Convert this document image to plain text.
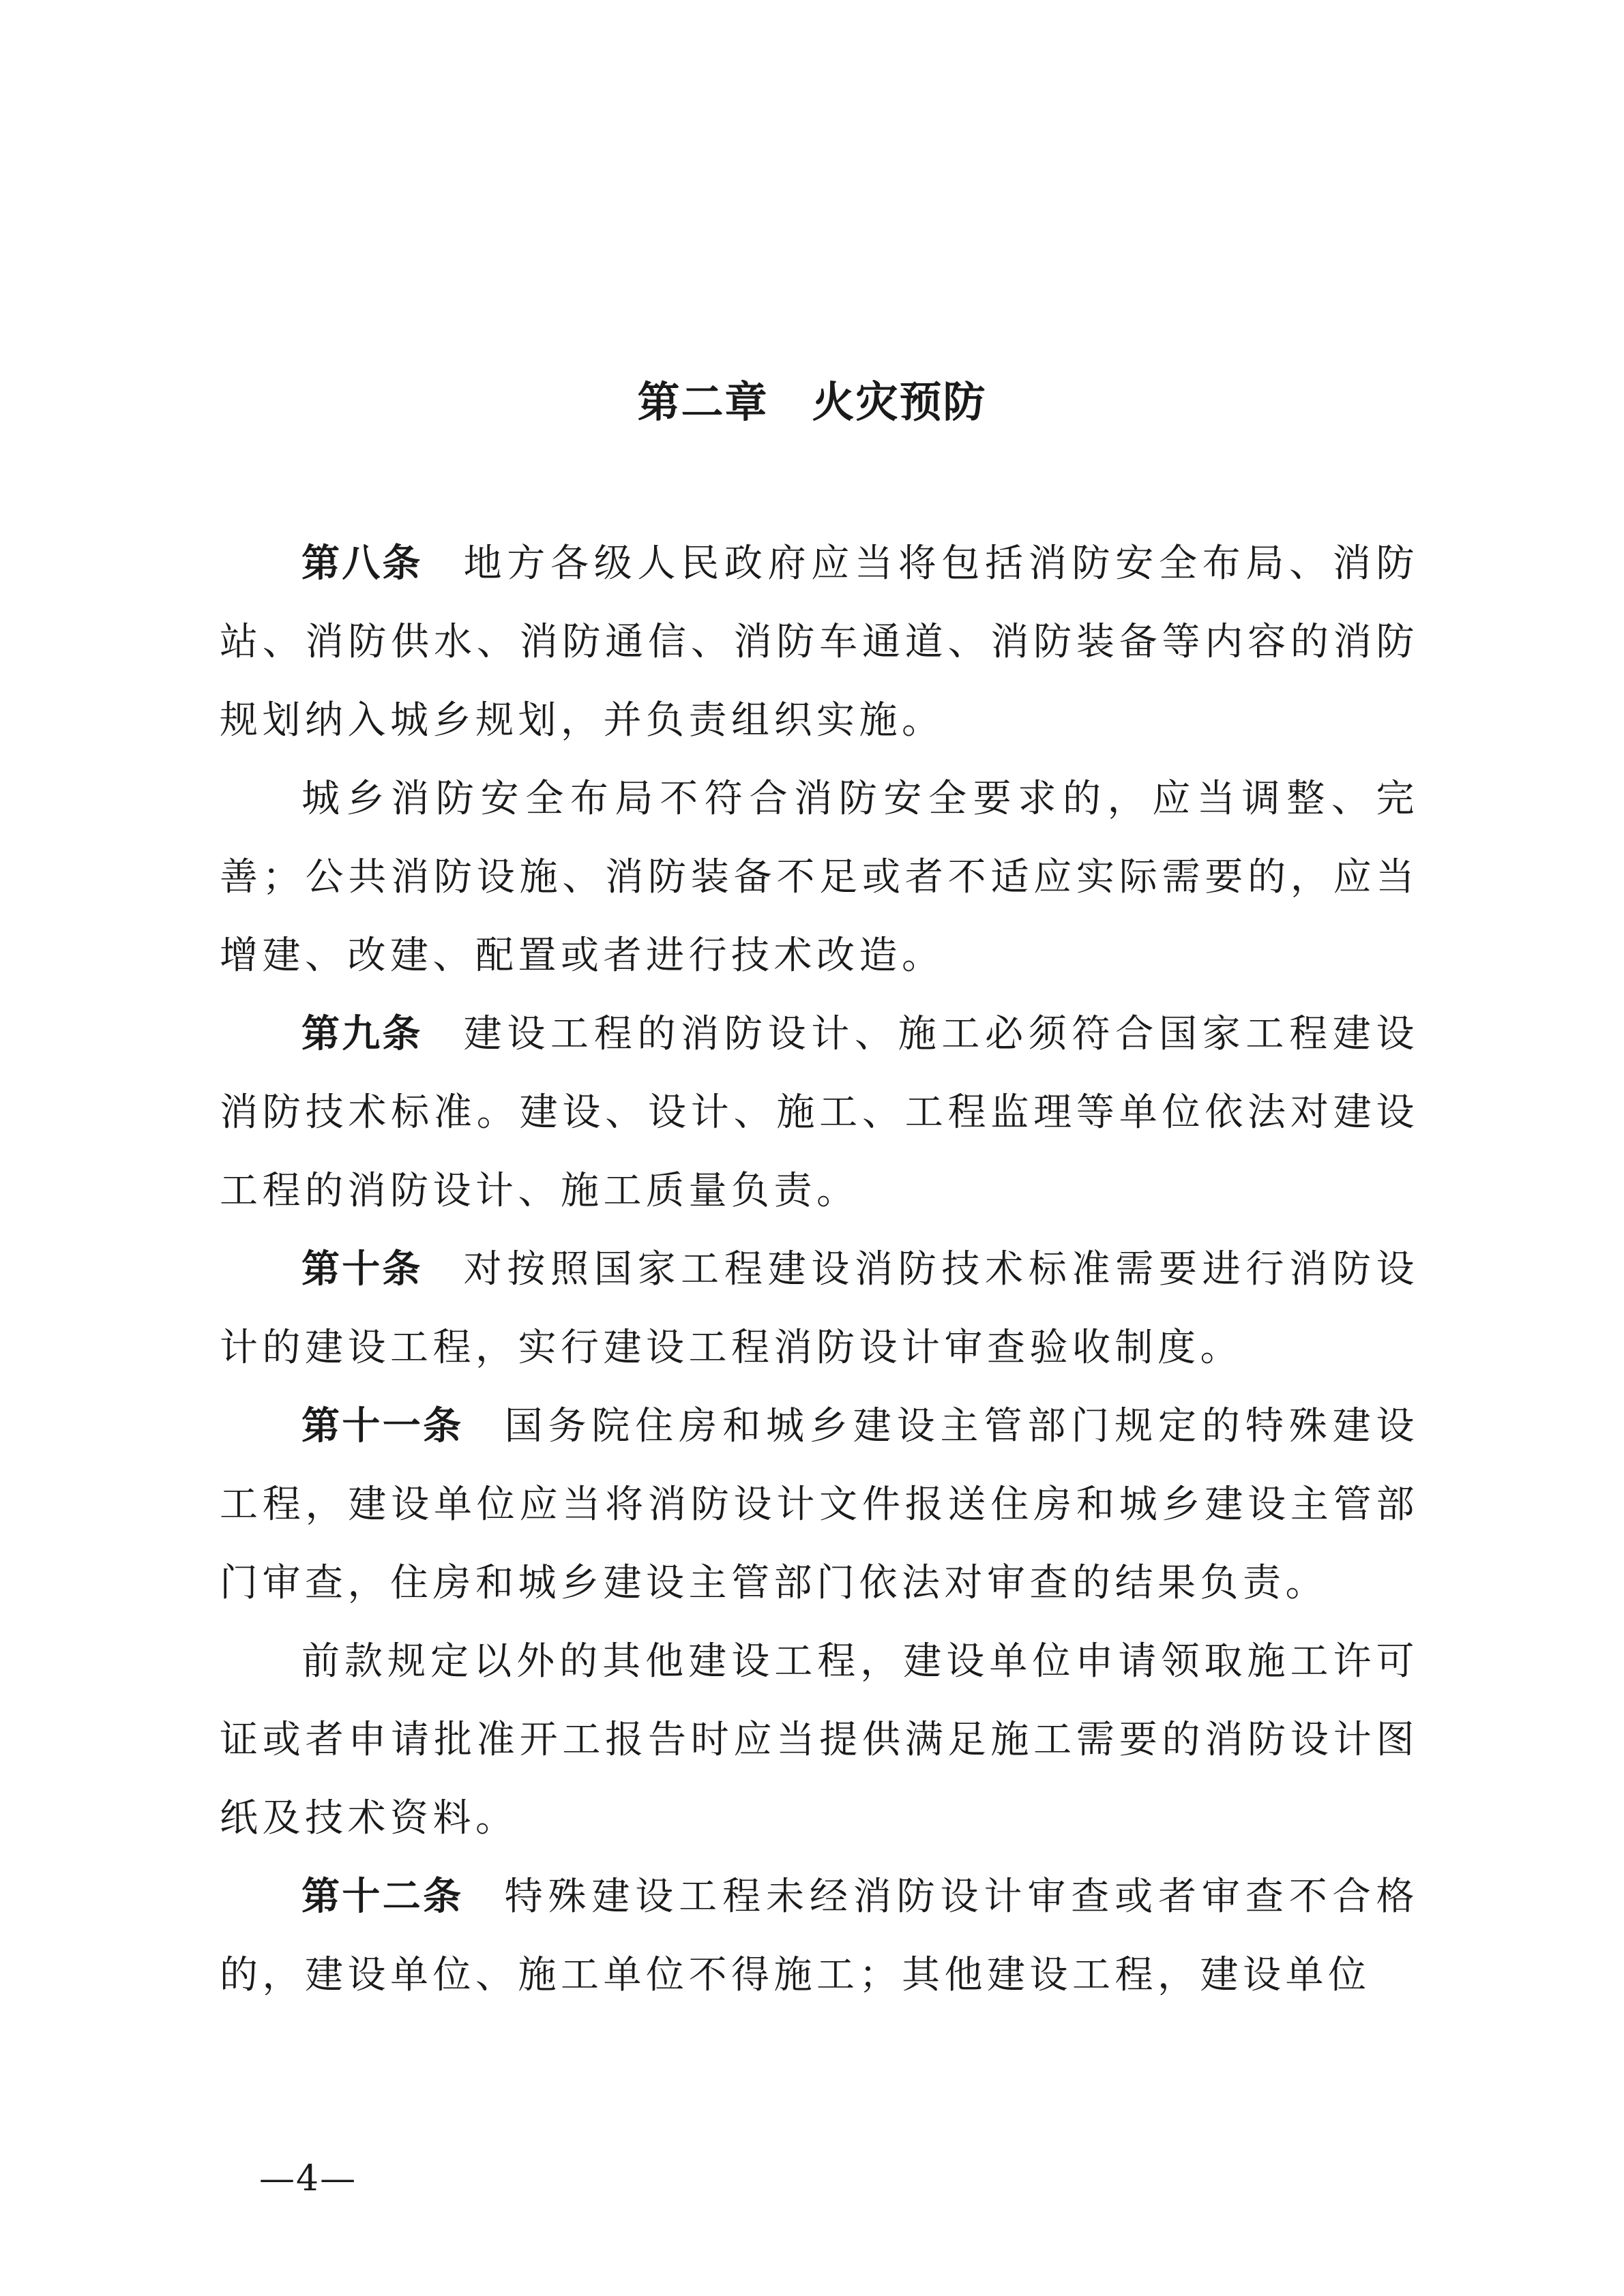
第二章　火灾预防

第八条 地方各级人民政府应当将包括消防安全布局、消防站、消防供水、消防通信、消防车通道、消防装备等内容的消防规划纳入城乡规划，并负责组织实施。

城乡消防安全布局不符合消防安全要求的，应当调整、完善；公共消防设施、消防装备不足或者不适应实际需要的，应当增建、改建、配置或者进行技术改造。

第九条 建设工程的消防设计、施工必须符合国家工程建设消防技术标准。建设、设计、施工、工程监理等单位依法对建设工程的消防设计、施工质量负责。

第十条 对按照国家工程建设消防技术标准需要进行消防设计的建设工程，实行建设工程消防设计审查验收制度。

第十一条 国务院住房和城乡建设主管部门规定的特殊建设工程，建设单位应当将消防设计文件报送住房和城乡建设主管部门审查，住房和城乡建设主管部门依法对审查的结果负责。

前款规定以外的其他建设工程，建设单位申请领取施工许可证或者申请批准开工报告时应当提供满足施工需要的消防设计图纸及技术资料。

第十二条 特殊建设工程未经消防设计审查或者审查不合格的，建设单位、施工单位不得施工；其他建设工程，建设单位

—4—
